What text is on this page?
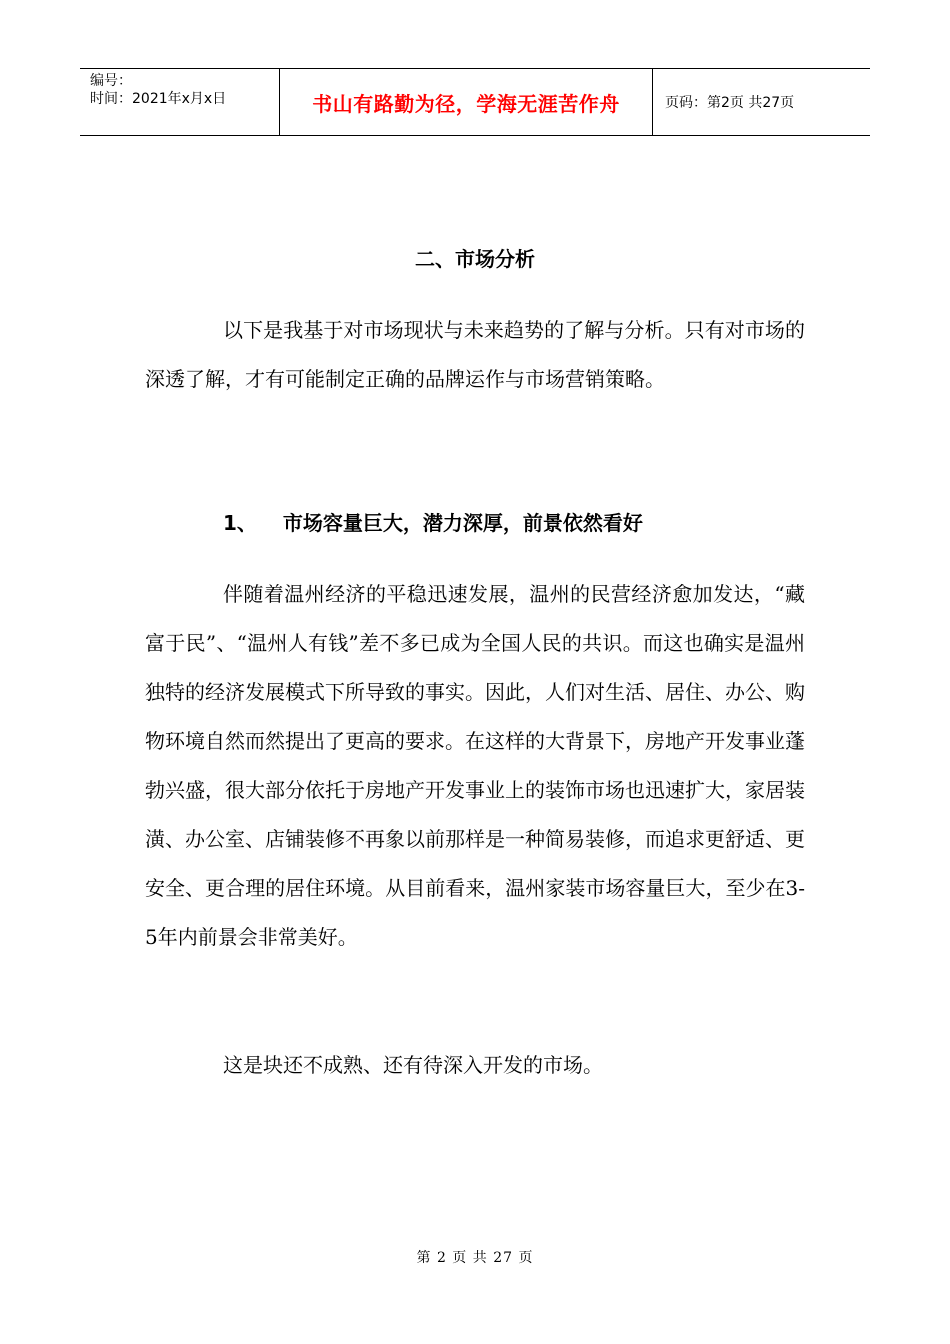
编号：
时间：2021年x月x日	书山有路勤为径，学海无涯苦作舟	页码：第2页 共27页
二、市场分析

以下是我基于对市场现状与未来趋势的了解与分析。只有对市场的深透了解，才有可能制定正确的品牌运作与市场营销策略。

1、 市场容量巨大，潜力深厚，前景依然看好

伴随着温州经济的平稳迅速发展，温州的民营经济愈加发达，“藏富于民”、“温州人有钱”差不多已成为全国人民的共识。而这也确实是温州独特的经济发展模式下所导致的事实。因此，人们对生活、居住、办公、购物环境自然而然提出了更高的要求。在这样的大背景下，房地产开发事业蓬勃兴盛，很大部分依托于房地产开发事业上的装饰市场也迅速扩大，家居装潢、办公室、店铺装修不再象以前那样是一种简易装修，而追求更舒适、更安全、更合理的居住环境。从目前看来，温州家装市场容量巨大，至少在3-5年内前景会非常美好。

这是块还不成熟、还有待深入开发的市场。

第 2 页 共 27 页
